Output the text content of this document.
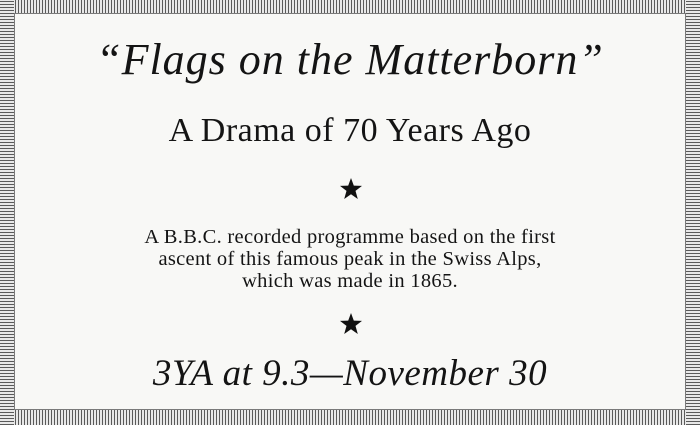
“Flags on the Matterborn”
A Drama of 70 Years Ago
A B.B.C. recorded programme based on the first
ascent of this famous peak in the Swiss Alps,
which was made in 1865.
3YA at 9.3—November 30
